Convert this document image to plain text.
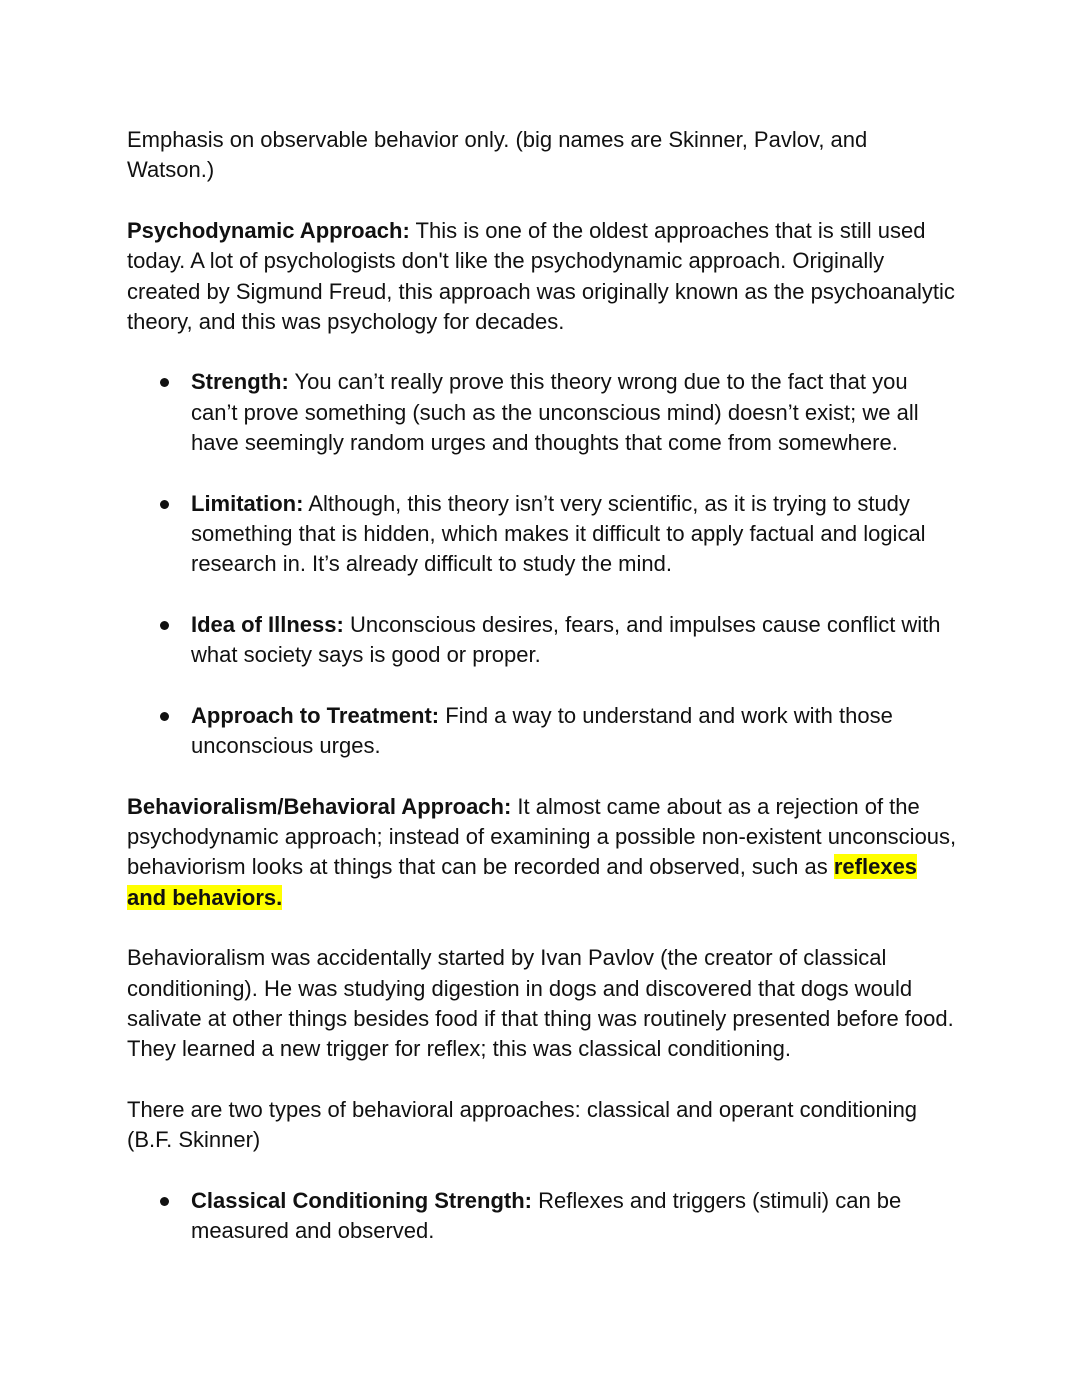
Emphasis on observable behavior only. (big names are Skinner, Pavlov, and Watson.)

Psychodynamic Approach: This is one of the oldest approaches that is still used today. A lot of psychologists don't like the psychodynamic approach. Originally created by Sigmund Freud, this approach was originally known as the psychoanalytic theory, and this was psychology for decades.

Strength: You can’t really prove this theory wrong due to the fact that you can’t prove something (such as the unconscious mind) doesn’t exist; we all have seemingly random urges and thoughts that come from somewhere.
Limitation: Although, this theory isn’t very scientific, as it is trying to study something that is hidden, which makes it difficult to apply factual and logical research in. It’s already difficult to study the mind.
Idea of Illness: Unconscious desires, fears, and impulses cause conflict with what society says is good or proper.
Approach to Treatment: Find a way to understand and work with those unconscious urges.

Behavioralism/Behavioral Approach: It almost came about as a rejection of the psychodynamic approach; instead of examining a possible non-existent unconscious, behaviorism looks at things that can be recorded and observed, such as reflexes and behaviors.

Behavioralism was accidentally started by Ivan Pavlov (the creator of classical conditioning). He was studying digestion in dogs and discovered that dogs would salivate at other things besides food if that thing was routinely presented before food. They learned a new trigger for reflex; this was classical conditioning.

There are two types of behavioral approaches: classical and operant conditioning (B.F. Skinner)

Classical Conditioning Strength: Reflexes and triggers (stimuli) can be measured and observed.
